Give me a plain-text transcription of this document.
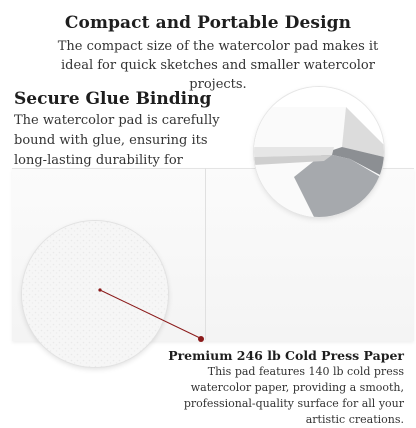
Compact and Portable Design
The compact size of the watercolor pad makes it ideal for quick sketches and smaller watercolor projects.
Secure Glue Binding
The watercolor pad is carefully bound with glue, ensuring its long-lasting durability for
Premium 246 lb Cold Press Paper
This pad features 140 lb cold press watercolor paper, providing a smooth, professional-quality surface for all your artistic creations.
